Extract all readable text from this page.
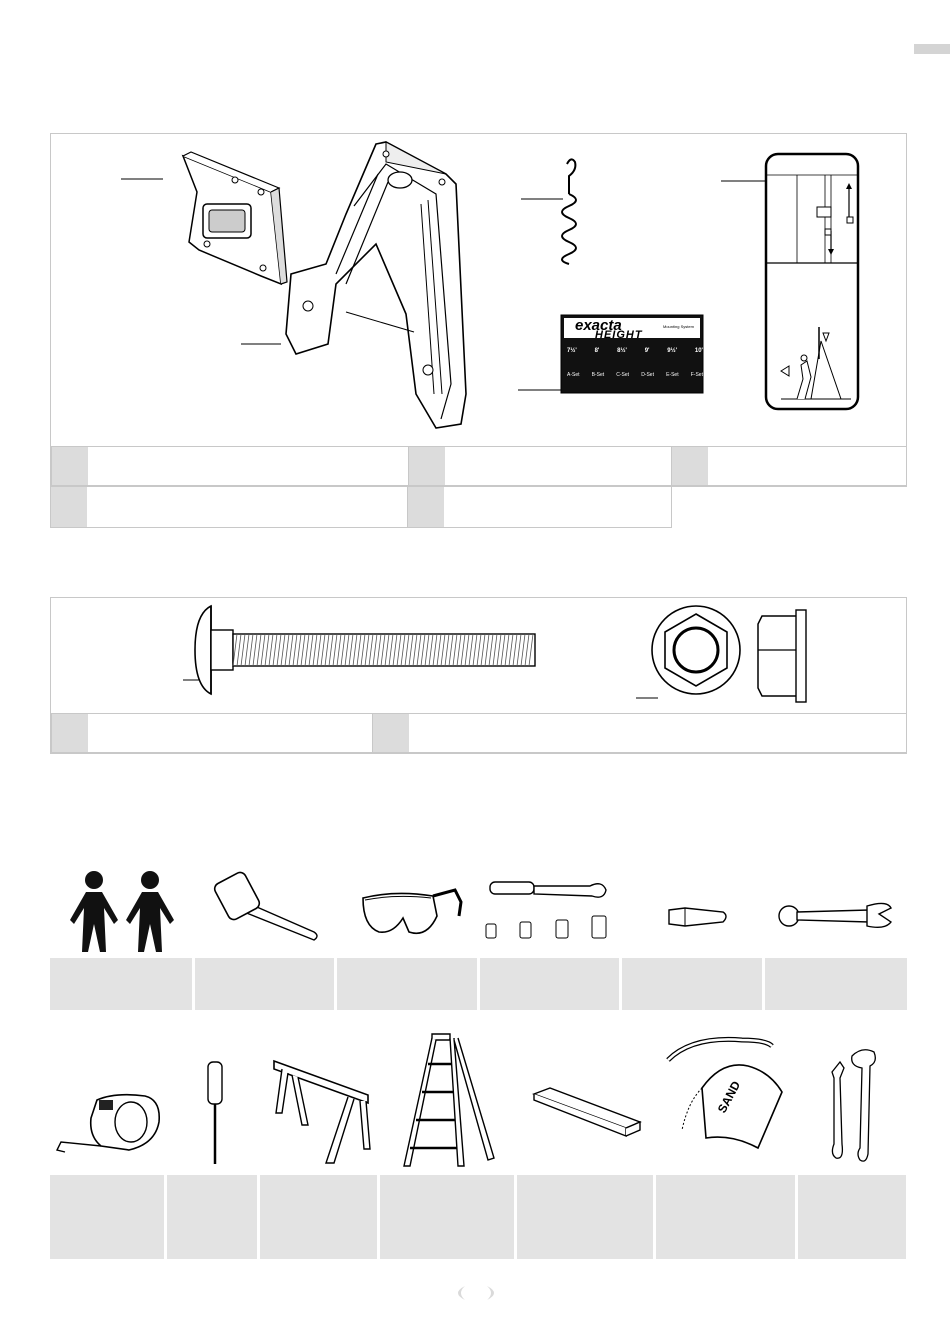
exacta
HEIGHT
Mounting System
7½'	8'	8½'	9'	9½'	10'
A-Set B-Set C-Set D-Set E-Set F-Set
SAND
